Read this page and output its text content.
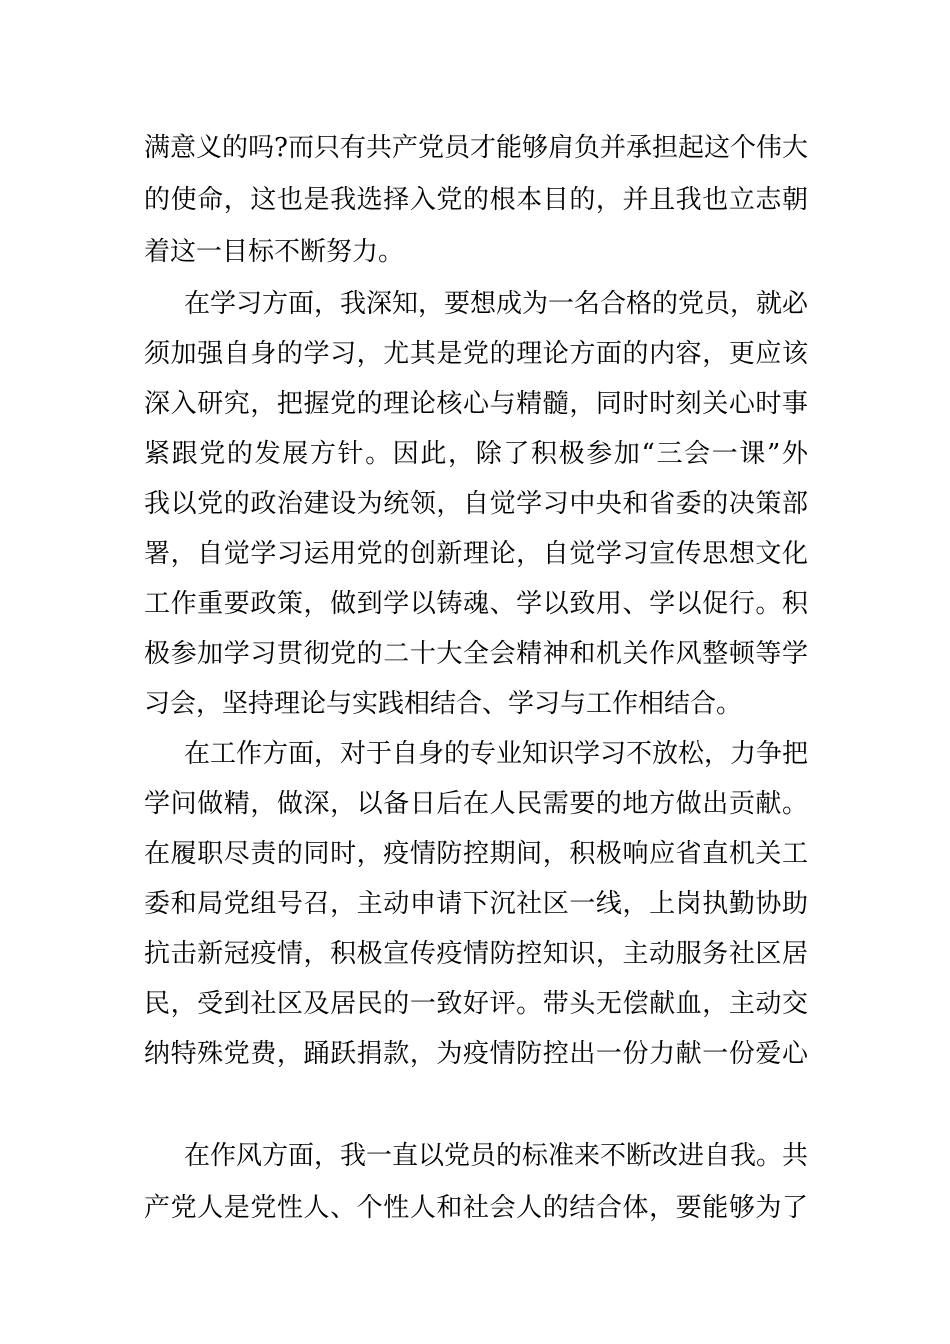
满意义的吗?而只有共产党员才能够肩负并承担起这个伟大
的使命，这也是我选择入党的根本目的，并且我也立志朝
着这一目标不断努力。
在学习方面，我深知，要想成为一名合格的党员，就必
须加强自身的学习，尤其是党的理论方面的内容，更应该
深入研究，把握党的理论核心与精髓，同时时刻关心时事
紧跟党的发展方针。因此，除了积极参加“三会一课”外
我以党的政治建设为统领，自觉学习中央和省委的决策部
署，自觉学习运用党的创新理论，自觉学习宣传思想文化
工作重要政策，做到学以铸魂、学以致用、学以促行。积
极参加学习贯彻党的二十大全会精神和机关作风整顿等学
习会，坚持理论与实践相结合、学习与工作相结合。
在工作方面，对于自身的专业知识学习不放松，力争把
学问做精，做深，以备日后在人民需要的地方做出贡献。
在履职尽责的同时，疫情防控期间，积极响应省直机关工
委和局党组号召，主动申请下沉社区一线，上岗执勤协助
抗击新冠疫情，积极宣传疫情防控知识，主动服务社区居
民，受到社区及居民的一致好评。带头无偿献血，主动交
纳特殊党费，踊跃捐款，为疫情防控出一份力献一份爱心
在作风方面，我一直以党员的标准来不断改进自我。共
产党人是党性人、个性人和社会人的结合体，要能够为了
